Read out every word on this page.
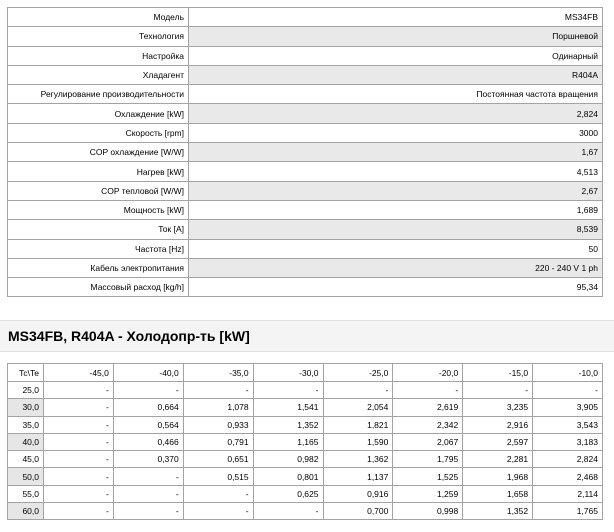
Модель	MS34FB
Технология	Поршневой
Настройка	Одинарный
Хладагент	R404A
Регулирование производительности	Постоянная частота вращения
Охлаждение [kW]	2,824
Скорость [rpm]	3000
COP охлаждение [W/W]	1,67
Нагрев [kW]	4,513
COP тепловой [W/W]	2,67
Мощность [kW]	1,689
Ток [A]	8,539
Частота [Hz]	50
Кабель электропитания	220 - 240 V 1 ph
Массовый расход [kg/h]	95,34
MS34FB, R404A - Холодопр-ть [kW]
Tc\Te	-45,0	-40,0	-35,0	-30,0	-25,0	-20,0	-15,0	-10,0
25,0	-	-	-	-	-	-	-	-
30,0	-	0,664	1,078	1,541	2,054	2,619	3,235	3,905
35,0	-	0,564	0,933	1,352	1,821	2,342	2,916	3,543
40,0	-	0,466	0,791	1,165	1,590	2,067	2,597	3,183
45,0	-	0,370	0,651	0,982	1,362	1,795	2,281	2,824
50,0	-	-	0,515	0,801	1,137	1,525	1,968	2,468
55,0	-	-	-	0,625	0,916	1,259	1,658	2,114
60,0	-	-	-	-	0,700	0,998	1,352	1,765
